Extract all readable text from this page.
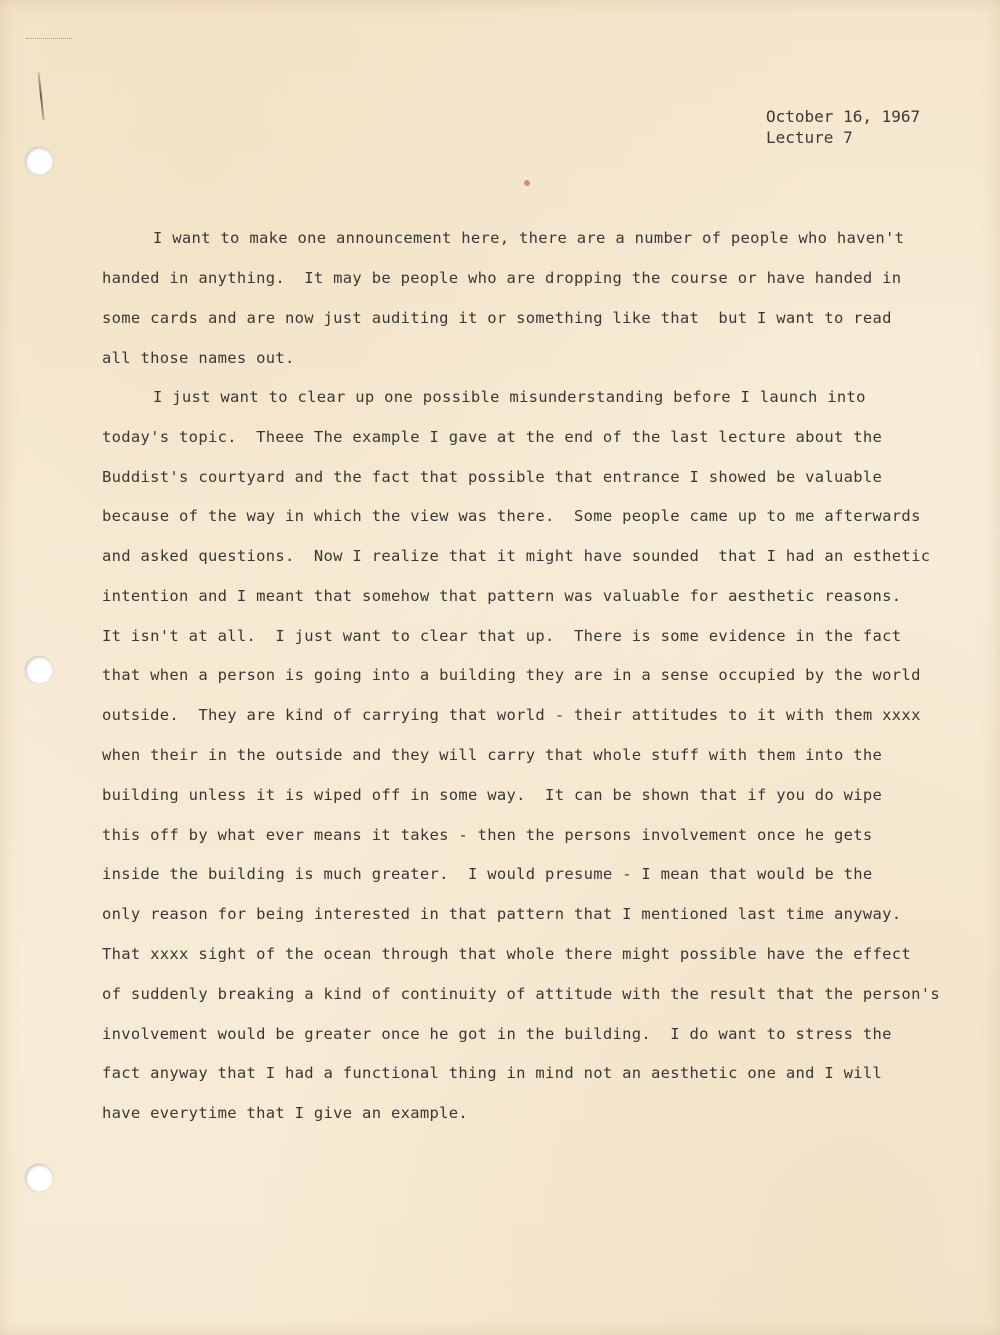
October 16, 1967
Lecture 7
I want to make one announcement here, there are a number of people who haven't
handed in anything.  It may be people who are dropping the course or have handed in
some cards and are now just auditing it or something like that  but I want to read
all those names out.
I just want to clear up one possible misunderstanding before I launch into
today's topic.  Theee The example I gave at the end of the last lecture about the
Buddist's courtyard and the fact that possible that entrance I showed be valuable
because of the way in which the view was there.  Some people came up to me afterwards
and asked questions.  Now I realize that it might have sounded  that I had an esthetic
intention and I meant that somehow that pattern was valuable for aesthetic reasons.
It isn't at all.  I just want to clear that up.  There is some evidence in the fact
that when a person is going into a building they are in a sense occupied by the world
outside.  They are kind of carrying that world - their attitudes to it with them xxxx
when their in the outside and they will carry that whole stuff with them into the
building unless it is wiped off in some way.  It can be shown that if you do wipe
this off by what ever means it takes - then the persons involvement once he gets
inside the building is much greater.  I would presume - I mean that would be the
only reason for being interested in that pattern that I mentioned last time anyway.
That xxxx sight of the ocean through that whole there might possible have the effect
of suddenly breaking a kind of continuity of attitude with the result that the person's
involvement would be greater once he got in the building.  I do want to stress the
fact anyway that I had a functional thing in mind not an aesthetic one and I will
have everytime that I give an example.
